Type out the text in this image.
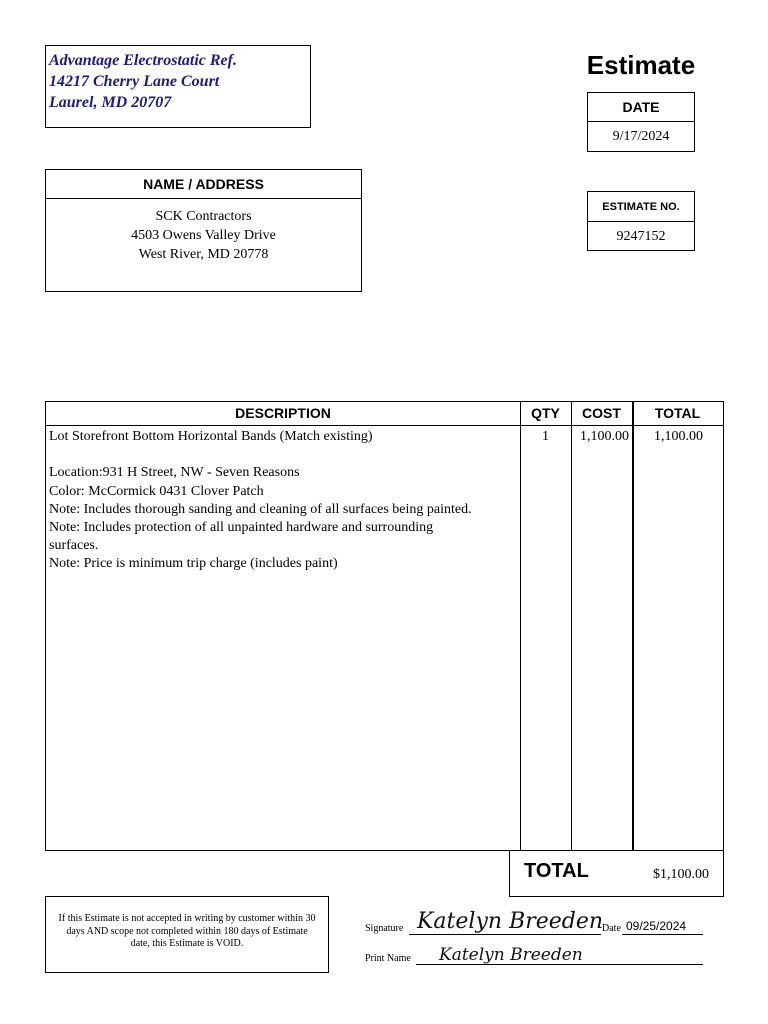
Advantage Electrostatic Ref.
14217 Cherry Lane Court
Laurel, MD 20707
Estimate
DATE
9/17/2024
ESTIMATE NO.
9247152
NAME / ADDRESS
SCK Contractors
4503 Owens Valley Drive
West River, MD 20778
DESCRIPTION	QTY	COST	TOTAL
Lot Storefront Bottom Horizontal Bands (Match existing)
Location:931 H Street, NW - Seven Reasons
Color: McCormick 0431 Clover Patch
Note: Includes thorough sanding and cleaning of all surfaces being painted.
Note: Includes protection of all unpainted hardware and surrounding
surfaces.
Note: Price is minimum trip charge (includes paint)
1	1,100.00	1,100.00
TOTAL	$1,100.00
If this Estimate is not accepted in writing by customer within 30 days AND scope not completed within 180 days of Estimate date, this Estimate is VOID.
Signature Katelyn Breeden
Date 09/25/2024
Print Name Katelyn Breeden
